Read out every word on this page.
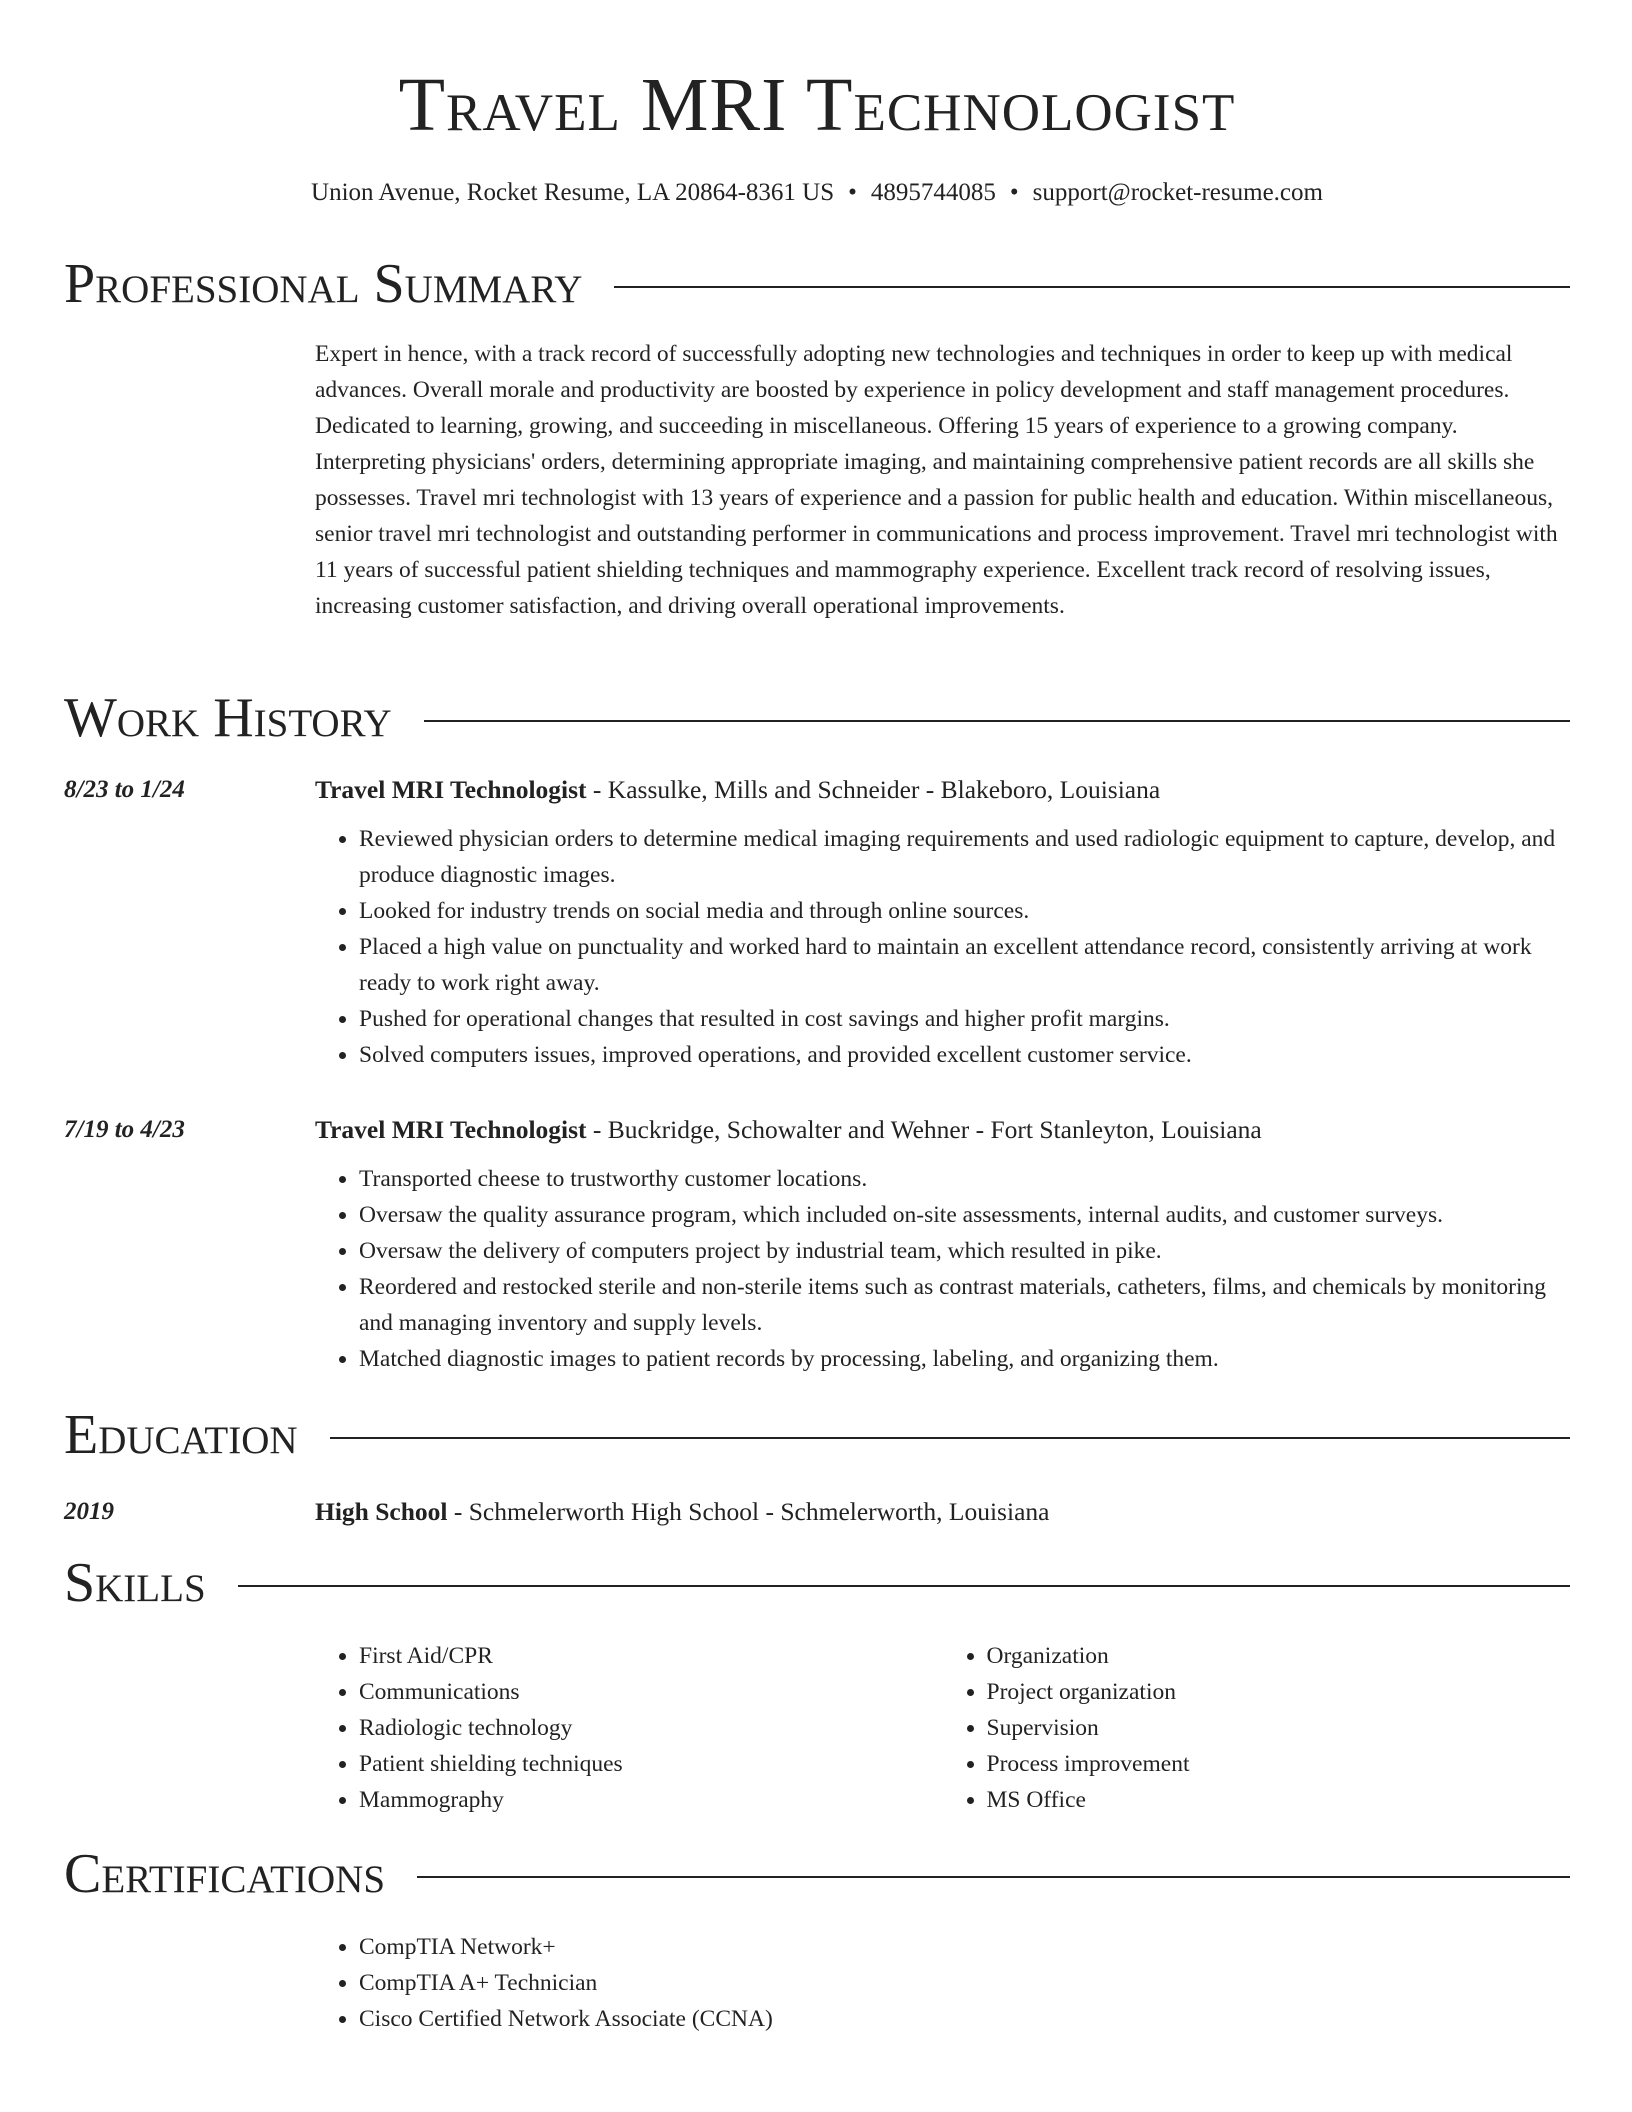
Travel MRI Technologist
Union Avenue, Rocket Resume, LA 20864-8361 US • 4895744085 • support@rocket-resume.com
Professional Summary

Expert in hence, with a track record of successfully adopting new technologies and techniques in order to keep up with medical advances. Overall morale and productivity are boosted by experience in policy development and staff management procedures. Dedicated to learning, growing, and succeeding in miscellaneous. Offering 15 years of experience to a growing company. Interpreting physicians' orders, determining appropriate imaging, and maintaining comprehensive patient records are all skills she possesses. Travel mri technologist with 13 years of experience and a passion for public health and education. Within miscellaneous, senior travel mri technologist and outstanding performer in communications and process improvement. Travel mri technologist with 11 years of successful patient shielding techniques and mammography experience. Excellent track record of resolving issues, increasing customer satisfaction, and driving overall operational improvements.

Work History
8/23 to 1/24	Travel MRI Technologist - Kassulke, Mills and Schneider - Blakeboro, Louisiana
• Reviewed physician orders to determine medical imaging requirements and used radiologic equipment to capture, develop, and produce diagnostic images.
• Looked for industry trends on social media and through online sources.
• Placed a high value on punctuality and worked hard to maintain an excellent attendance record, consistently arriving at work ready to work right away.
• Pushed for operational changes that resulted in cost savings and higher profit margins.
• Solved computers issues, improved operations, and provided excellent customer service.
7/19 to 4/23	Travel MRI Technologist - Buckridge, Schowalter and Wehner - Fort Stanleyton, Louisiana
• Transported cheese to trustworthy customer locations.
• Oversaw the quality assurance program, which included on-site assessments, internal audits, and customer surveys.
• Oversaw the delivery of computers project by industrial team, which resulted in pike.
• Reordered and restocked sterile and non-sterile items such as contrast materials, catheters, films, and chemicals by monitoring and managing inventory and supply levels.
• Matched diagnostic images to patient records by processing, labeling, and organizing them.
Education
2019	High School - Schmelerworth High School - Schmelerworth, Louisiana
Skills
• First Aid/CPR
• Communications
• Radiologic technology
• Patient shielding techniques
• Mammography
• Organization
• Project organization
• Supervision
• Process improvement
• MS Office
Certifications
• CompTIA Network+
• CompTIA A+ Technician
• Cisco Certified Network Associate (CCNA)
